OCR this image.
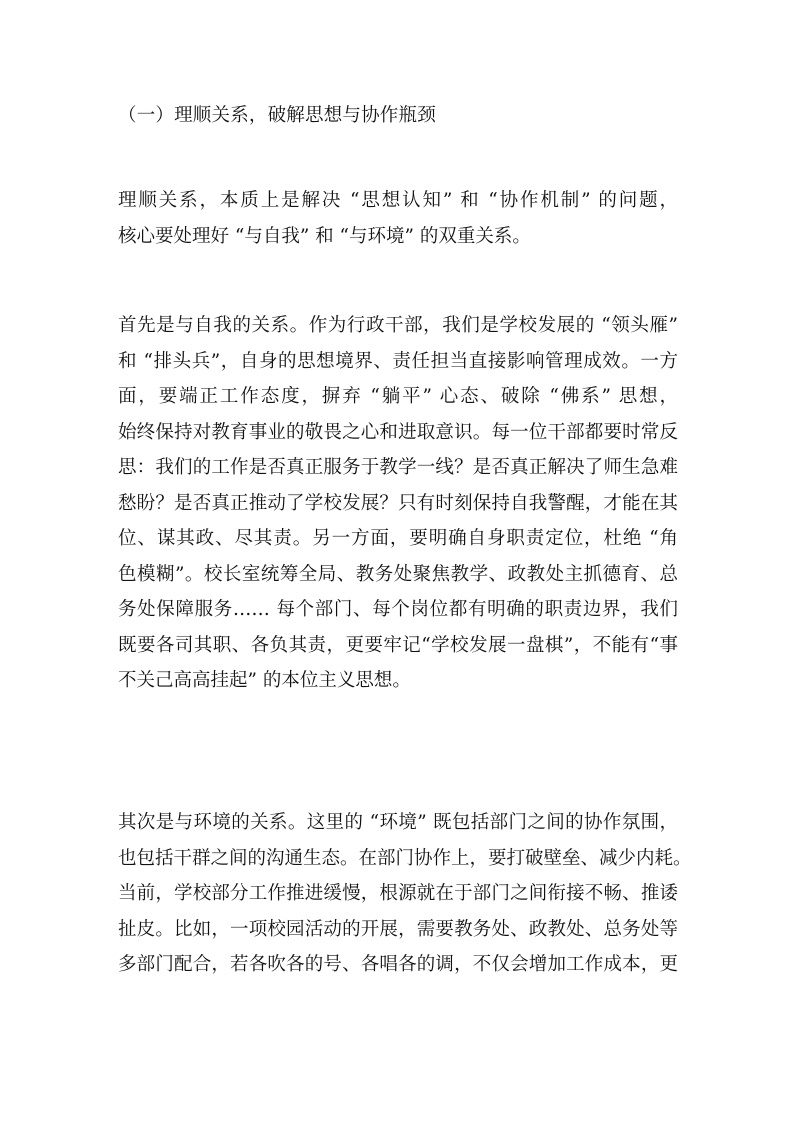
（一）理顺关系，破解思想与协作瓶颈
理顺关系，本质上是解决 “思想认知” 和 “协作机制” 的问题，
核心要处理好 “与自我” 和 “与环境” 的双重关系。
首先是与自我的关系。作为行政干部，我们是学校发展的 “领头雁”
和 “排头兵”，自身的思想境界、责任担当直接影响管理成效。一方
面，要端正工作态度，摒弃 “躺平” 心态、破除 “佛系” 思想，
始终保持对教育事业的敬畏之心和进取意识。每一位干部都要时常反
思：我们的工作是否真正服务于教学一线？是否真正解决了师生急难
愁盼？是否真正推动了学校发展？只有时刻保持自我警醒，才能在其
位、谋其政、尽其责。另一方面，要明确自身职责定位，杜绝 “角
色模糊”。校长室统筹全局、教务处聚焦教学、政教处主抓德育、总
务处保障服务…… 每个部门、每个岗位都有明确的职责边界，我们
既要各司其职、各负其责，更要牢记“学校发展一盘棋”，不能有“事
不关己高高挂起” 的本位主义思想。
其次是与环境的关系。这里的 “环境” 既包括部门之间的协作氛围，
也包括干群之间的沟通生态。在部门协作上，要打破壁垒、减少内耗。
当前，学校部分工作推进缓慢，根源就在于部门之间衔接不畅、推诿
扯皮。比如，一项校园活动的开展，需要教务处、政教处、总务处等
多部门配合，若各吹各的号、各唱各的调，不仅会增加工作成本，更
